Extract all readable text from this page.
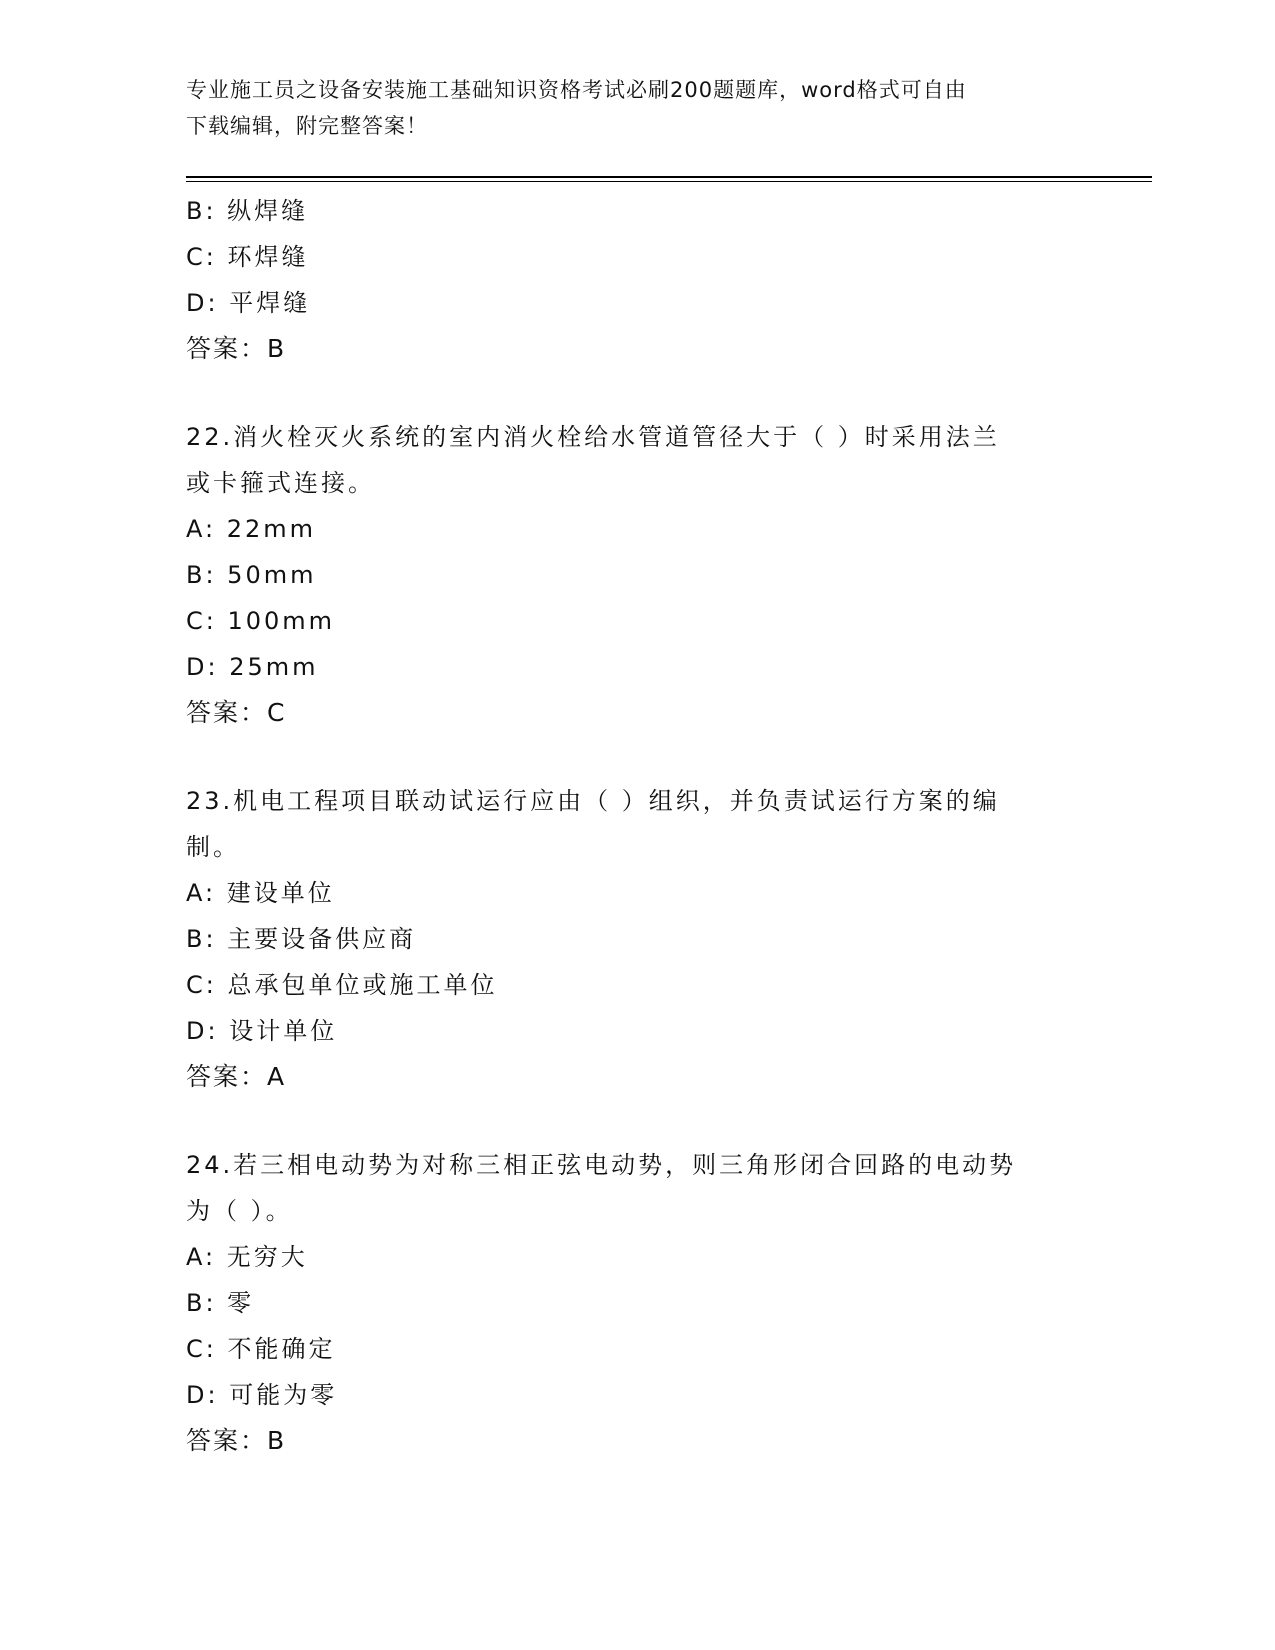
专业施工员之设备安装施工基础知识资格考试必刷200题题库，word格式可自由
下载编辑，附完整答案！
B: 纵焊缝
C: 环焊缝
D: 平焊缝
答案：B
22.消火栓灭火系统的室内消火栓给水管道管径大于（ ）时采用法兰
或卡箍式连接。
A: 22mm
B: 50mm
C: 100mm
D: 25mm
答案：C
23.机电工程项目联动试运行应由（ ）组织，并负责试运行方案的编
制。
A: 建设单位
B: 主要设备供应商
C: 总承包单位或施工单位
D: 设计单位
答案：A
24.若三相电动势为对称三相正弦电动势，则三角形闭合回路的电动势
为（ ）。
A: 无穷大
B: 零
C: 不能确定
D: 可能为零
答案：B
